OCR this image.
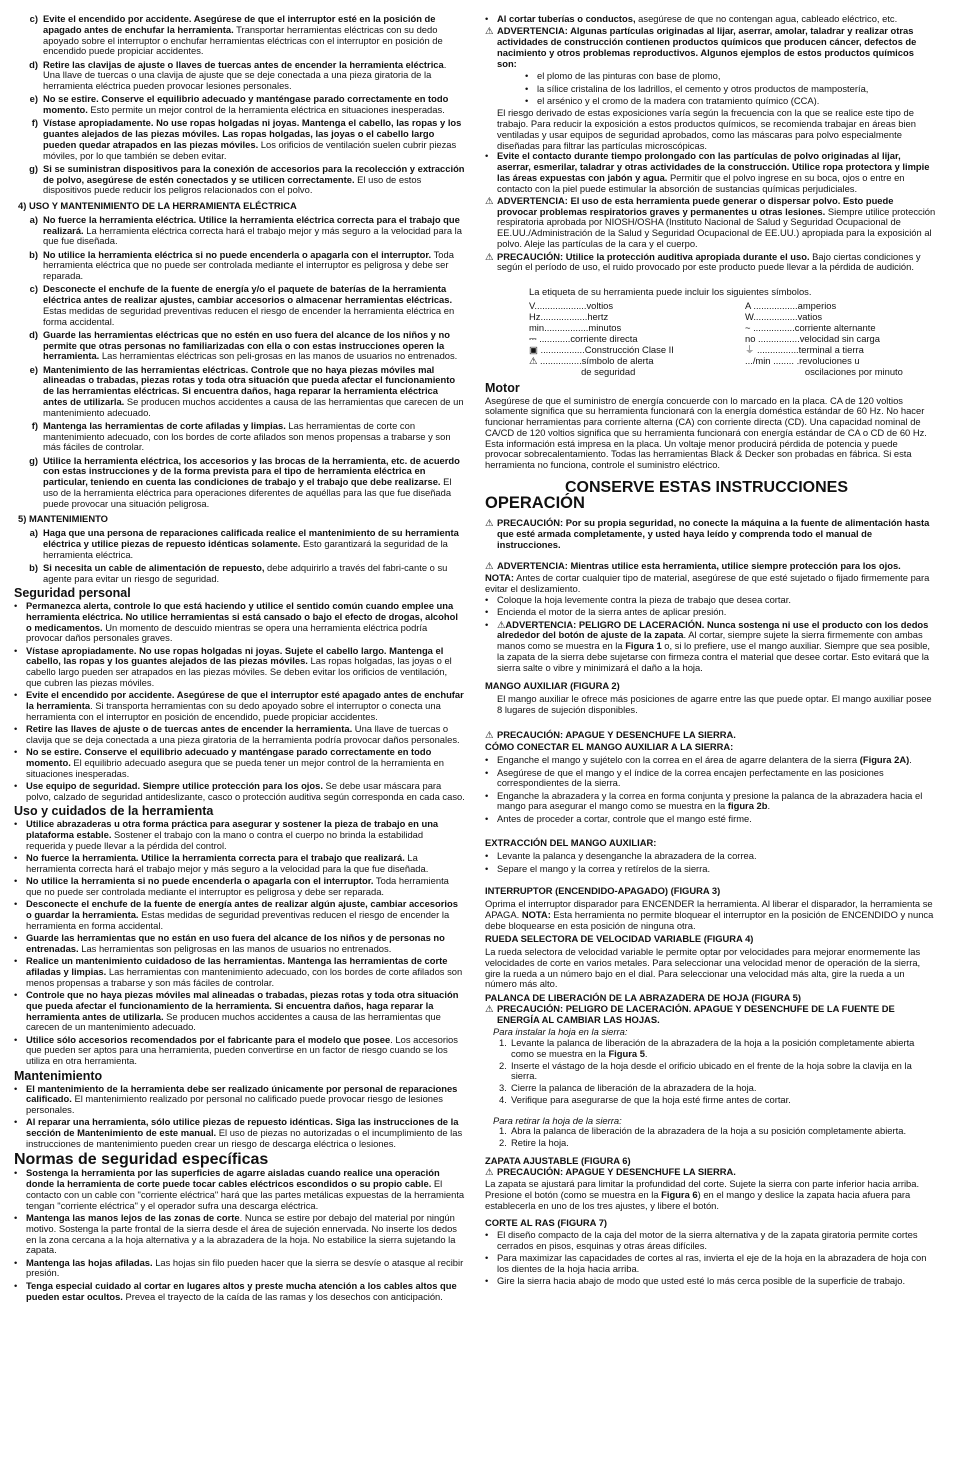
c) Evite el encendido por accidente. Asegúrese de que el interruptor esté en la posición de apagado antes de enchufar la herramienta. Transportar herramientas eléctricas con su dedo apoyado sobre el interruptor o enchufar herramientas eléctricas con el interruptor en posición de encendido puede propiciar accidentes.
d) Retire las clavijas de ajuste o llaves de tuercas antes de encender la herramienta eléctrica. Una llave de tuercas o una clavija de ajuste que se deje conectada a una pieza giratoria de la herramienta eléctrica pueden provocar lesiones personales.
e) No se estire. Conserve el equilibrio adecuado y manténgase parado correctamente en todo momento. Esto permite un mejor control de la herramienta eléctrica en situaciones inesperadas.
f) Vístase apropiadamente. No use ropas holgadas ni joyas. Mantenga el cabello, las ropas y los guantes alejados de las piezas móviles. Las ropas holgadas, las joyas o el cabello largo pueden quedar atrapados en las piezas móviles. Los orificios de ventilación suelen cubrir piezas móviles, por lo que también se deben evitar.
g) Si se suministran dispositivos para la conexión de accesorios para la recolección y extracción de polvo, asegúrese de estén conectados y se utilicen correctamente. El uso de estos dispositivos puede reducir los peligros relacionados con el polvo.
4) USO Y MANTENIMIENTO DE LA HERRAMIENTA ELÉCTRICA
a) No fuerce la herramienta eléctrica. Utilice la herramienta eléctrica correcta para el trabajo que realizará. La herramienta eléctrica correcta hará el trabajo mejor y más seguro a la velocidad para la que fue diseñada.
b) No utilice la herramienta eléctrica si no puede encenderla o apagarla con el interruptor. Toda herramienta eléctrica que no puede ser controlada mediante el interruptor es peligrosa y debe ser reparada.
c) Desconecte el enchufe de la fuente de energía y/o el paquete de baterías de la herramienta eléctrica antes de realizar ajustes, cambiar accesorios o almacenar herramientas eléctricas. Estas medidas de seguridad preventivas reducen el riesgo de encender la herramienta eléctrica en forma accidental.
d) Guarde las herramientas eléctricas que no estén en uso fuera del alcance de los niños y no permite que otras personas no familiarizadas con ella o con estas instrucciones operen la herramienta. Las herramientas eléctricas son peli-grosas en las manos de usuarios no entrenados.
e) Mantenimiento de las herramientas eléctricas. Controle que no haya piezas móviles mal alineadas o trabadas, piezas rotas y toda otra situación que pueda afectar el funcionamiento de las herramientas eléctricas. Si encuentra daños, haga reparar la herramienta eléctrica antes de utilizarla. Se producen muchos accidentes a causa de las herramientas que carecen de un mantenimiento adecuado.
f) Mantenga las herramientas de corte afiladas y limpias. Las herramientas de corte con mantenimiento adecuado, con los bordes de corte afilados son menos propensas a trabarse y son más fáciles de controlar.
g) Utilice la herramienta eléctrica, los accesorios y las brocas de la herramienta, etc. de acuerdo con estas instrucciones y de la forma prevista para el tipo de herramienta eléctrica en particular, teniendo en cuenta las condiciones de trabajo y el trabajo que debe realizarse. El uso de la herramienta eléctrica para operaciones diferentes de aquéllas para las que fue diseñada puede provocar una situación peligrosa.
5) MANTENIMIENTO
a) Haga que una persona de reparaciones calificada realice el mantenimiento de su herramienta eléctrica y utilice piezas de repuesto idénticas solamente. Esto garantizará la seguridad de la herramienta eléctrica.
b) Si necesita un cable de alimentación de repuesto, debe adquirirlo a través del fabri-cante o su agente para evitar un riesgo de seguridad.
Seguridad personal
• Permanezca alerta, controle lo que está haciendo y utilice el sentido común cuando emplee una herramienta eléctrica. No utilice herramientas si está cansado o bajo el efecto de drogas, alcohol o medicamentos. Un momento de descuido mientras se opera una herramienta eléctrica podría provocar daños personales graves.
• Vístase apropiadamente. No use ropas holgadas ni joyas. Sujete el cabello largo. Mantenga el cabello, las ropas y los guantes alejados de las piezas móviles. Las ropas holgadas, las joyas o el cabello largo pueden ser atrapados en las piezas móviles. Se deben evitar los orificios de ventilación, que cubren las piezas móviles.
• Evite el encendido por accidente. Asegúrese de que el interruptor esté apagado antes de enchufar la herramienta. Si transporta herramientas con su dedo apoyado sobre el interruptor o conecta una herramienta con el interruptor en posición de encendido, puede propiciar accidentes.
• Retire las llaves de ajuste o de tuercas antes de encender la herramienta. Una llave de tuercas o clavija que se deja conectada a una pieza giratoria de la herramienta podría provocar daños personales.
• No se estire. Conserve el equilibrio adecuado y manténgase parado correctamente en todo momento. El equilibrio adecuado asegura que se pueda tener un mejor control de la herramienta en situaciones inesperadas.
• Use equipo de seguridad. Siempre utilice protección para los ojos. Se debe usar máscara para polvo, calzado de seguridad antideslizante, casco o protección auditiva según corresponda en cada caso.
Uso y cuidados de la herramienta
• Utilice abrazaderas u otra forma práctica para asegurar y sostener la pieza de trabajo en una plataforma estable. Sostener el trabajo con la mano o contra el cuerpo no brinda la estabilidad requerida y puede llevar a la pérdida del control.
• No fuerce la herramienta. Utilice la herramienta correcta para el trabajo que realizará. La herramienta correcta hará el trabajo mejor y más seguro a la velocidad para la que fue diseñada.
• No utilice la herramienta si no puede encenderla o apagarla con el interruptor. Toda herramienta que no puede ser controlada mediante el interruptor es peligrosa y debe ser reparada.
• Desconecte el enchufe de la fuente de energía antes de realizar algún ajuste, cambiar accesorios o guardar la herramienta. Estas medidas de seguridad preventivas reducen el riesgo de encender la herramienta en forma accidental.
• Guarde las herramientas que no están en uso fuera del alcance de los niños y de personas no entrenadas. Las herramientas son peligrosas en las manos de usuarios no entrenados.
• Realice un mantenimiento cuidadoso de las herramientas. Mantenga las herramientas de corte afiladas y limpias. Las herramientas con mantenimiento adecuado, con los bordes de corte afilados son menos propensas a trabarse y son más fáciles de controlar.
• Controle que no haya piezas móviles mal alineadas o trabadas, piezas rotas y toda otra situación que pueda afectar el funcionamiento de la herramienta. Si encuentra daños, haga reparar la herramienta antes de utilizarla. Se producen muchos accidentes a causa de las herramientas que carecen de un mantenimiento adecuado.
• Utilice sólo accesorios recomendados por el fabricante para el modelo que posee. Los accesorios que pueden ser aptos para una herramienta, pueden convertirse en un factor de riesgo cuando se los utiliza en otra herramienta.
Mantenimiento
• El mantenimiento de la herramienta debe ser realizado únicamente por personal de reparaciones calificado. El mantenimiento realizado por personal no calificado puede provocar riesgo de lesiones personales.
• Al reparar una herramienta, sólo utilice piezas de repuesto idénticas. Siga las instrucciones de la sección de Mantenimiento de este manual. El uso de piezas no autorizadas o el incumplimiento de las instrucciones de mantenimiento pueden crear un riesgo de descarga eléctrica o lesiones.
Normas de seguridad específicas
• Sostenga la herramienta por las superficies de agarre aisladas cuando realice una operación donde la herramienta de corte puede tocar cables eléctricos escondidos o su propio cable. El contacto con un cable con "corriente eléctrica" hará que las partes metálicas expuestas de la herramienta tengan "corriente eléctrica" y el operador sufra una descarga eléctrica.
• Mantenga las manos lejos de las zonas de corte. Nunca se estire por debajo del material por ningún motivo. Sostenga la parte frontal de la sierra desde el área de sujeción ennervada. No inserte los dedos en la zona cercana a la hoja alternativa y a la abrazadera de la hoja. No estabilice la sierra sujetando la zapata.
• Mantenga las hojas afiladas. Las hojas sin filo pueden hacer que la sierra se desvíe o atasque al recibir presión.
• Tenga especial cuidado al cortar en lugares altos y preste mucha atención a los cables altos que pueden estar ocultos. Prevea el trayecto de la caída de las ramas y los desechos con anticipación.
• Al cortar tuberías o conductos, asegúrese de que no contengan agua, cableado eléctrico, etc.
⚠ ADVERTENCIA: Algunas partículas originadas al lijar, aserrar, amolar, taladrar y realizar otras actividades de construcción contienen productos químicos que producen cáncer, defectos de nacimiento y otros problemas reproductivos. Algunos ejemplos de estos productos químicos son:
• el plomo de las pinturas con base de plomo,
• la sílice cristalina de los ladrillos, el cemento y otros productos de mampostería,
• el arsénico y el cromo de la madera con tratamiento químico (CCA).

El riesgo derivado de estas exposiciones varía según la frecuencia con la que se realice este tipo de trabajo. Para reducir la exposición a estos productos químicos, se recomienda trabajar en áreas bien ventiladas y usar equipos de seguridad aprobados, como las máscaras para polvo especialmente diseñadas para filtrar las partículas microscópicas.

• Evite el contacto durante tiempo prolongado con las partículas de polvo originadas al lijar, aserrar, esmerilar, taladrar y otras actividades de la construcción. Utilice ropa protectora y limpie las áreas expuestas con jabón y agua. Permitir que el polvo ingrese en su boca, ojos o entre en contacto con la piel puede estimular la absorción de sustancias químicas perjudiciales.
⚠ ADVERTENCIA: El uso de esta herramienta puede generar o dispersar polvo. Esto puede provocar problemas respiratorios graves y permanentes u otras lesiones. Siempre utilice protección respiratoria aprobada por NIOSH/OSHA (Instituto Nacional de Salud y Seguridad Ocupacional de EE.UU./Administración de la Salud y Seguridad Ocupacional de EE.UU.) apropiada para la exposición al polvo. Aleje las partículas de la cara y el cuerpo.
⚠ PRECAUCIÓN: Utilice la protección auditiva apropiada durante el uso. Bajo ciertas condiciones y según el período de uso, el ruido provocado por este producto puede llevar a la pérdida de audición.
La etiqueta de su herramienta puede incluir los siguientes símbolos.
V....................voltios	A .................amperios
Hz..................hertz	W.................vatios
min.................minutos	~ ................corriente alternante
⎓ ............corriente directa	no ................velocidad sin carga
▣ .................Construcción Clase II	⏚ ................terminal a tierra
⚠ ................símbolo de alerta	.../min ........ .revoluciones u
de seguridad	oscilaciones por minuto
Motor

Asegúrese de que el suministro de energía concuerde con lo marcado en la placa. CA de 120 voltios solamente significa que su herramienta funcionará con la energía doméstica estándar de 60 Hz. No hacer funcionar herramientas para corriente alterna (CA) con corriente directa (CD). Una capacidad nominal de CA/CD de 120 voltios significa que su herramienta funcionará con energía estándar de CA o CD de 60 Hz. Esta información está impresa en la placa. Un voltaje menor producirá pérdida de potencia y puede provocar sobrecalentamiento. Todas las herramientas Black & Decker son probadas en fábrica. Si esta herramienta no funciona, controle el suministro eléctrico.

CONSERVE ESTAS INSTRUCCIONES
OPERACIÓN
⚠ PRECAUCIÓN: Por su propia seguridad, no conecte la máquina a la fuente de alimentación hasta que esté armada completamente, y usted haya leído y comprenda todo el manual de instrucciones.
⚠ ADVERTENCIA: Mientras utilice esta herramienta, utilice siempre protección para los ojos.

NOTA: Antes de cortar cualquier tipo de material, asegúrese de que esté sujetado o fijado firmemente para evitar el deslizamiento.

• Coloque la hoja levemente contra la pieza de trabajo que desea cortar.
• Encienda el motor de la sierra antes de aplicar presión.
• ⚠ADVERTENCIA: PELIGRO DE LACERACIÓN. Nunca sostenga ni use el producto con los dedos alrededor del botón de ajuste de la zapata. Al cortar, siempre sujete la sierra firmemente con ambas manos como se muestra en la Figura 1 o, si lo prefiere, use el mango auxiliar. Siempre que sea posible, la zapata de la sierra debe sujetarse con firmeza contra el material que desee cortar. Esto evitará que la sierra salte o vibre y minimizará el daño a la hoja.
MANGO AUXILIAR (FIGURA 2)

El mango auxiliar le ofrece más posiciones de agarre entre las que puede optar. El mango auxiliar posee 8 lugares de sujeción disponibles.

⚠ PRECAUCIÓN: APAGUE Y DESENCHUFE LA SIERRA.
CÓMO CONECTAR EL MANGO AUXILIAR A LA SIERRA:
• Enganche el mango y sujételo con la correa en el área de agarre delantera de la sierra (Figura 2A).
• Asegúrese de que el mango y el índice de la correa encajen perfectamente en las posiciones correspondientes de la sierra.
• Enganche la abrazadera y la correa en forma conjunta y presione la palanca de la abrazadera hacia el mango para asegurar el mango como se muestra en la figura 2b.
• Antes de proceder a cortar, controle que el mango esté firme.
EXTRACCIÓN DEL MANGO AUXILIAR:
• Levante la palanca y desenganche la abrazadera de la correa.
• Separe el mango y la correa y retírelos de la sierra.
INTERRUPTOR (ENCENDIDO-APAGADO) (FIGURA 3)

Oprima el interruptor disparador para ENCENDER la herramienta. Al liberar el disparador, la herramienta se APAGA. NOTA: Esta herramienta no permite bloquear el interruptor en la posición de ENCENDIDO y nunca debe bloquearse en esta posición de ninguna otra.

RUEDA SELECTORA DE VELOCIDAD VARIABLE (FIGURA 4)

La rueda selectora de velocidad variable le permite optar por velocidades para mejorar enormemente las velocidades de corte en varios metales. Para seleccionar una velocidad menor de operación de la sierra, gire la rueda a un número bajo en el dial. Para seleccionar una velocidad más alta, gire la rueda a un número más alto.

PALANCA DE LIBERACIÓN DE LA ABRAZADERA DE HOJA (FIGURA 5)
⚠ PRECAUCIÓN: PELIGRO DE LACERACIÓN. APAGUE Y DESENCHUFE DE LA FUENTE DE ENERGÍA AL CAMBIAR LAS HOJAS.
Para instalar la hoja en la sierra:
1. Levante la palanca de liberación de la abrazadera de la hoja a la posición completamente abierta como se muestra en la Figura 5.
2. Inserte el vástago de la hoja desde el orificio ubicado en el frente de la hoja sobre la clavija en la sierra.
3. Cierre la palanca de liberación de la abrazadera de la hoja.
4. Verifique para asegurarse de que la hoja esté firme antes de cortar.
Para retirar la hoja de la sierra:
1. Abra la palanca de liberación de la abrazadera de la hoja a su posición completamente abierta.
2. Retire la hoja.
ZAPATA AJUSTABLE (FIGURA 6)
⚠ PRECAUCIÓN: APAGUE Y DESENCHUFE LA SIERRA.

La zapata se ajustará para limitar la profundidad del corte. Sujete la sierra con parte inferior hacia arriba. Presione el botón (como se muestra en la Figura 6) en el mango y deslice la zapata hacia afuera para establecerla en uno de los tres ajustes, y libere el botón.

CORTE AL RAS (FIGURA 7)
• El diseño compacto de la caja del motor de la sierra alternativa y de la zapata giratoria permite cortes cerrados en pisos, esquinas y otras áreas difíciles.
• Para maximizar las capacidades de cortes al ras, invierta el eje de la hoja en la abrazadera de hoja con los dientes de la hoja hacia arriba.
• Gire la sierra hacia abajo de modo que usted esté lo más cerca posible de la superficie de trabajo.
